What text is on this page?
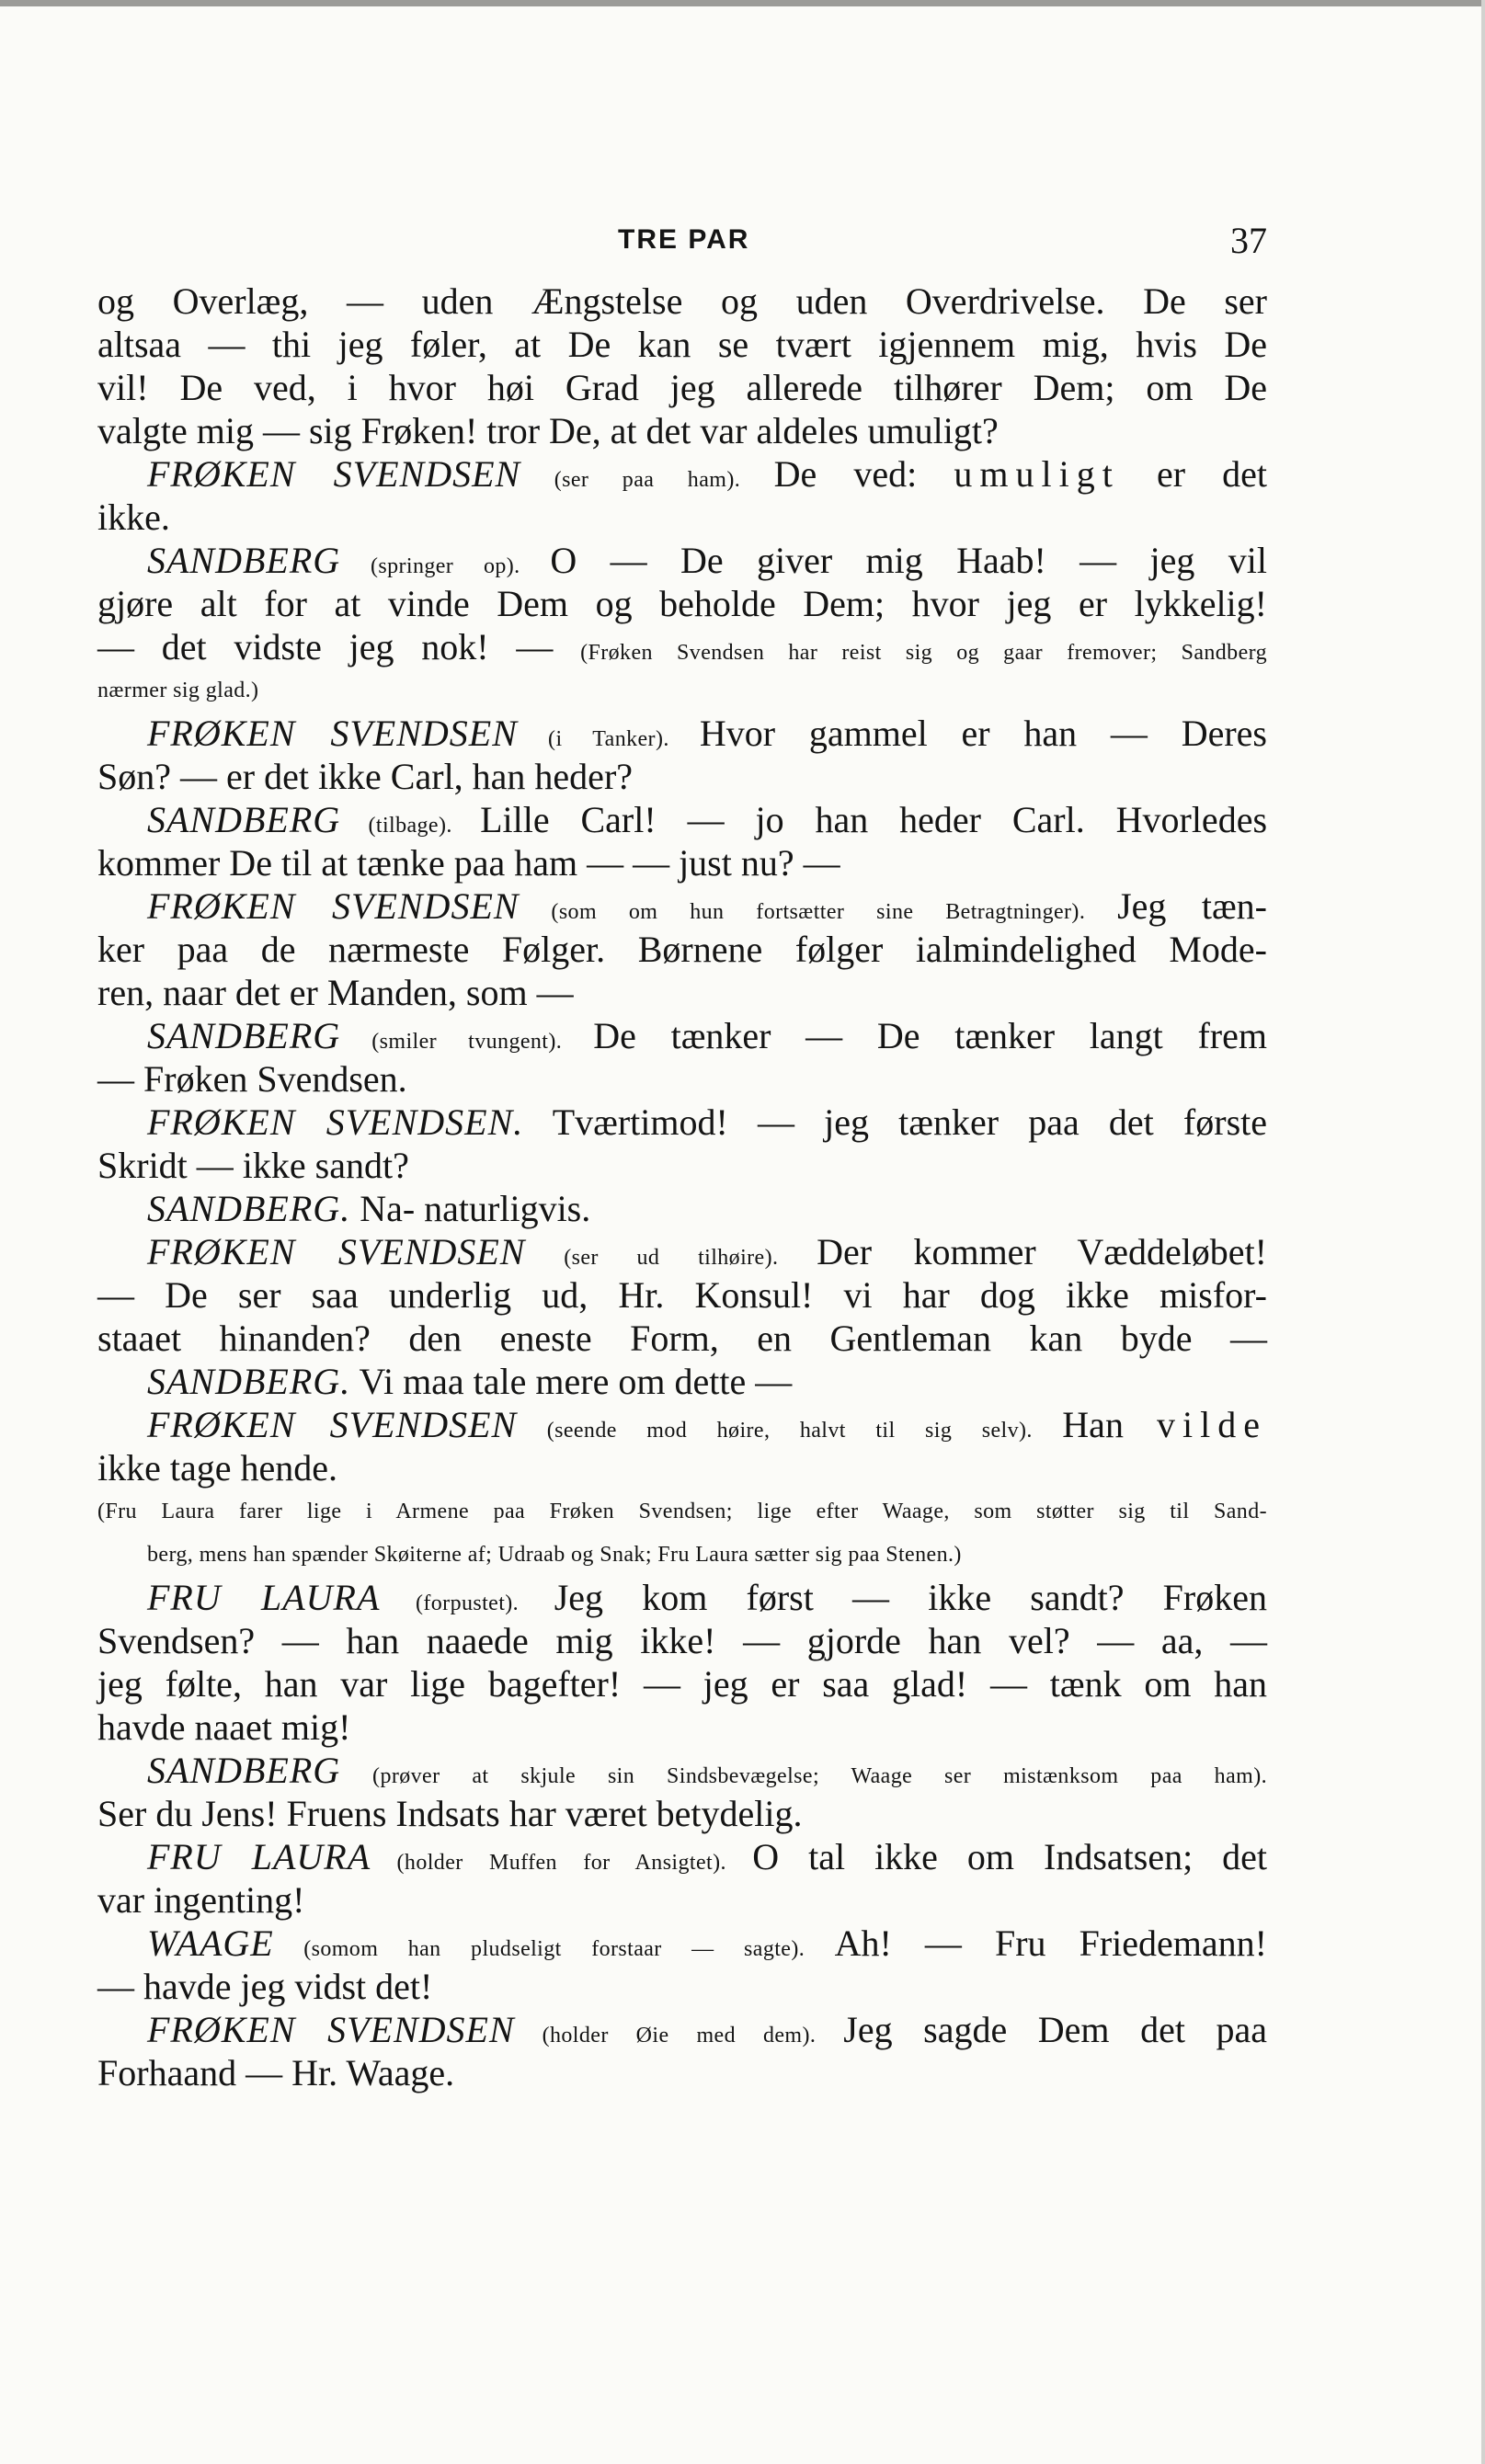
TRE PAR	37
og Overlæg, — uden Ængstelse og uden Overdrivelse. De ser
altsaa — thi jeg føler, at De kan se tvært igjennem mig, hvis De
vil! De ved, i hvor høi Grad jeg allerede tilhører Dem; om De
valgte mig — sig Frøken! tror De, at det var aldeles umuligt?
FRØKEN SVENDSEN (ser paa ham). De ved: umuligt er det
ikke.
SANDBERG (springer op). O — De giver mig Haab! — jeg vil
gjøre alt for at vinde Dem og beholde Dem; hvor jeg er lykkelig!
— det vidste jeg nok! — (Frøken Svendsen har reist sig og gaar fremover; Sandberg
nærmer sig glad.)
FRØKEN SVENDSEN (i Tanker). Hvor gammel er han — Deres
Søn? — er det ikke Carl, han heder?
SANDBERG (tilbage). Lille Carl! — jo han heder Carl. Hvorledes
kommer De til at tænke paa ham — — just nu? —
FRØKEN SVENDSEN (som om hun fortsætter sine Betragtninger). Jeg tæn-
ker paa de nærmeste Følger. Børnene følger ialmindelighed Mode-
ren, naar det er Manden, som —
SANDBERG (smiler tvungent). De tænker — De tænker langt frem
— Frøken Svendsen.
FRØKEN SVENDSEN. Tværtimod! — jeg tænker paa det første
Skridt — ikke sandt?
SANDBERG. Na- naturligvis.
FRØKEN SVENDSEN (ser ud tilhøire). Der kommer Væddeløbet!
— De ser saa underlig ud, Hr. Konsul! vi har dog ikke misfor-
staaet hinanden? den eneste Form, en Gentleman kan byde —
SANDBERG. Vi maa tale mere om dette —
FRØKEN SVENDSEN (seende mod høire, halvt til sig selv). Han vilde
ikke tage hende.
(Fru Laura farer lige i Armene paa Frøken Svendsen; lige efter Waage, som støtter sig til Sand-
berg, mens han spænder Skøiterne af; Udraab og Snak; Fru Laura sætter sig paa Stenen.)
FRU LAURA (forpustet). Jeg kom først — ikke sandt? Frøken
Svendsen? — han naaede mig ikke! — gjorde han vel? — aa, —
jeg følte, han var lige bagefter! — jeg er saa glad! — tænk om han
havde naaet mig!
SANDBERG (prøver at skjule sin Sindsbevægelse; Waage ser mistænksom paa ham).
Ser du Jens! Fruens Indsats har været betydelig.
FRU LAURA (holder Muffen for Ansigtet). O tal ikke om Indsatsen; det
var ingenting!
WAAGE (somom han pludseligt forstaar — sagte). Ah! — Fru Friedemann!
— havde jeg vidst det!
FRØKEN SVENDSEN (holder Øie med dem). Jeg sagde Dem det paa
Forhaand — Hr. Waage.
